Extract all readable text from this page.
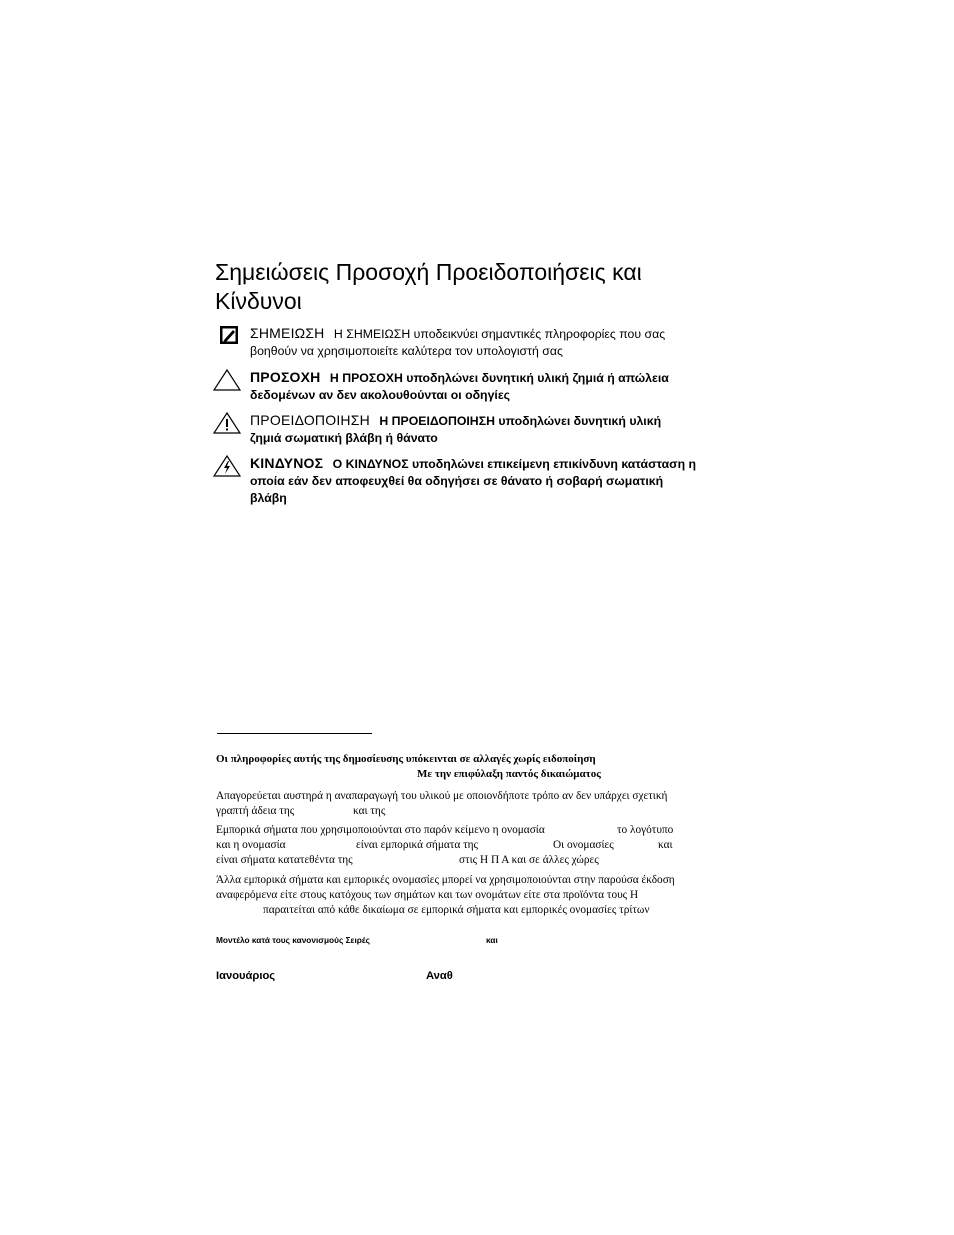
Σημειώσεις Προσοχή Προειδοποιήσεις και
Κίνδυνοι
ΣΗΜΕΙΩΣΗ Η ΣΗΜΕΙΩΣΗ υποδεικνύει σημαντικές πληροφορίες που σας
βοηθούν να χρησιμοποιείτε καλύτερα τον υπολογιστή σας
ΠΡΟΣΟΧΗ Η ΠΡΟΣΟΧΗ υποδηλώνει δυνητική υλική ζημιά ή απώλεια
δεδομένων αν δεν ακολουθούνται οι οδηγίες
ΠΡΟΕΙΔΟΠΟΙΗΣΗ Η ΠΡΟΕΙΔΟΠΟΙΗΣΗ υποδηλώνει δυνητική υλική
ζημιά σωματική βλάβη ή θάνατο
ΚΙΝΔΥΝΟΣ Ο ΚΙΝΔΥΝΟΣ υποδηλώνει επικείμενη επικίνδυνη κατάσταση η
οποία εάν δεν αποφευχθεί θα οδηγήσει σε θάνατο ή σοβαρή σωματική
βλάβη
Οι πληροφορίες αυτής της δημοσίευσης υπόκεινται σε αλλαγές χωρίς ειδοποίηση
Με την επιφύλαξη παντός δικαιώματος
Απαγορεύεται αυστηρά η αναπαραγωγή του υλικού με οποιονδήποτε τρόπο αν δεν υπάρχει σχετική
γραπτή άδεια της	και της
Εμπορικά σήματα που χρησιμοποιούνται στο παρόν κείμενο η ονομασία	το λογότυπο
και η ονομασία	είναι εμπορικά σήματα της	Οι ονομασίες	και
είναι σήματα κατατεθέντα της	στις Η Π Α και σε άλλες χώρες
Άλλα εμπορικά σήματα και εμπορικές ονομασίες μπορεί να χρησιμοποιούνται στην παρούσα έκδοση
αναφερόμενα είτε στους κατόχους των σημάτων και των ονομάτων είτε στα προϊόντα τους Η
παραιτείται από κάθε δικαίωμα σε εμπορικά σήματα και εμπορικές ονομασίες τρίτων
Μοντέλο κατά τους κανονισμούς Σειρές	και
Ιανουάριος	Αναθ
